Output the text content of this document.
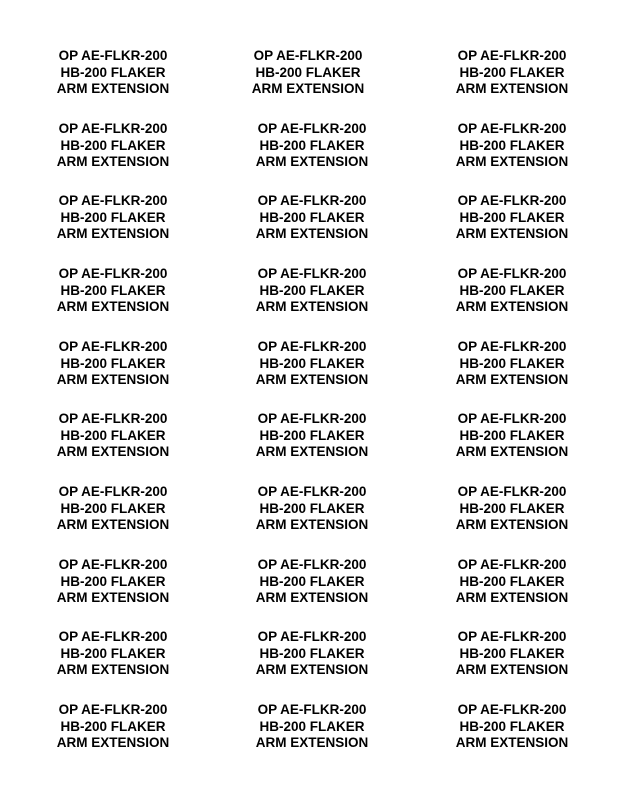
OP AE-FLKR-200
HB-200 FLAKER
ARM EXTENSION
OP AE-FLKR-200
HB-200 FLAKER
ARM EXTENSION
OP AE-FLKR-200
HB-200 FLAKER
ARM EXTENSION
OP AE-FLKR-200
HB-200 FLAKER
ARM EXTENSION
OP AE-FLKR-200
HB-200 FLAKER
ARM EXTENSION
OP AE-FLKR-200
HB-200 FLAKER
ARM EXTENSION
OP AE-FLKR-200
HB-200 FLAKER
ARM EXTENSION
OP AE-FLKR-200
HB-200 FLAKER
ARM EXTENSION
OP AE-FLKR-200
HB-200 FLAKER
ARM EXTENSION
OP AE-FLKR-200
HB-200 FLAKER
ARM EXTENSION
OP AE-FLKR-200
HB-200 FLAKER
ARM EXTENSION
OP AE-FLKR-200
HB-200 FLAKER
ARM EXTENSION
OP AE-FLKR-200
HB-200 FLAKER
ARM EXTENSION
OP AE-FLKR-200
HB-200 FLAKER
ARM EXTENSION
OP AE-FLKR-200
HB-200 FLAKER
ARM EXTENSION
OP AE-FLKR-200
HB-200 FLAKER
ARM EXTENSION
OP AE-FLKR-200
HB-200 FLAKER
ARM EXTENSION
OP AE-FLKR-200
HB-200 FLAKER
ARM EXTENSION
OP AE-FLKR-200
HB-200 FLAKER
ARM EXTENSION
OP AE-FLKR-200
HB-200 FLAKER
ARM EXTENSION
OP AE-FLKR-200
HB-200 FLAKER
ARM EXTENSION
OP AE-FLKR-200
HB-200 FLAKER
ARM EXTENSION
OP AE-FLKR-200
HB-200 FLAKER
ARM EXTENSION
OP AE-FLKR-200
HB-200 FLAKER
ARM EXTENSION
OP AE-FLKR-200
HB-200 FLAKER
ARM EXTENSION
OP AE-FLKR-200
HB-200 FLAKER
ARM EXTENSION
OP AE-FLKR-200
HB-200 FLAKER
ARM EXTENSION
OP AE-FLKR-200
HB-200 FLAKER
ARM EXTENSION
OP AE-FLKR-200
HB-200 FLAKER
ARM EXTENSION
OP AE-FLKR-200
HB-200 FLAKER
ARM EXTENSION
